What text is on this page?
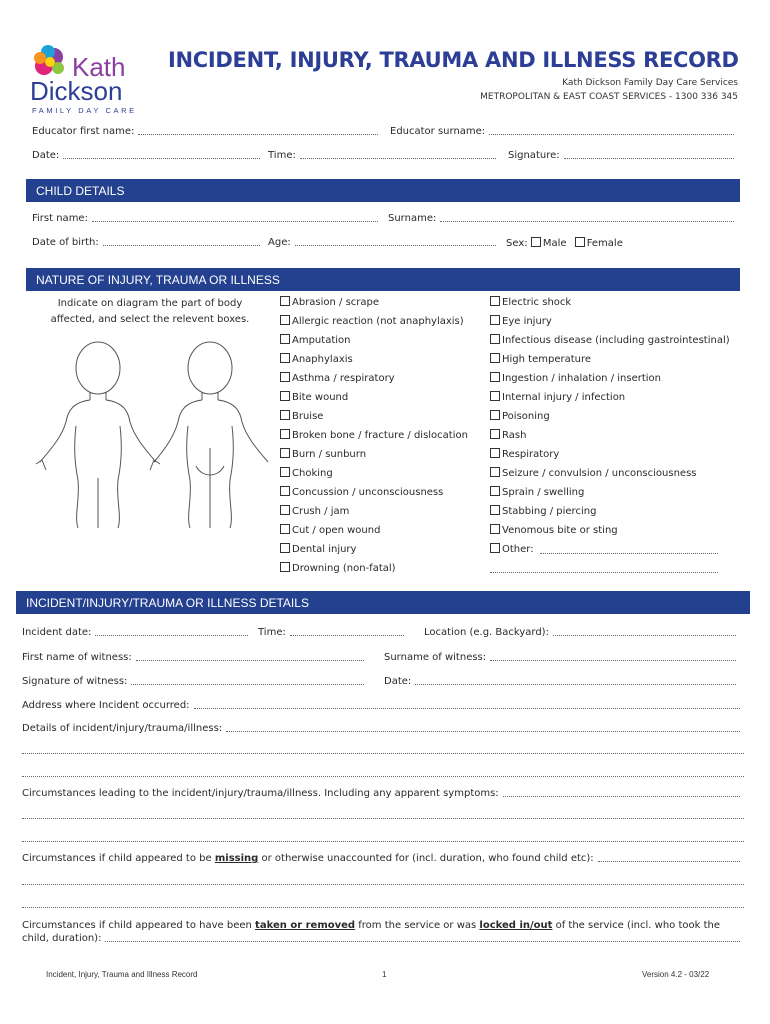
Kath
Dickson
FAMILY DAY CARE
INCIDENT, INJURY, TRAUMA AND ILLNESS RECORD
Kath Dickson Family Day Care Services
METROPOLITAN & EAST COAST SERVICES - 1300 336 345
Educator first name:	Educator surname:
Date:	Time:	Signature:
CHILD DETAILS
First name:	Surname:
Date of birth:	Age:	Sex: Male Female
NATURE OF INJURY, TRAUMA OR ILLNESS
Indicate on diagram the part of body
affected, and select the relevent boxes.
Abrasion / scrape
Allergic reaction (not anaphylaxis)
Amputation
Anaphylaxis
Asthma / respiratory
Bite wound
Bruise
Broken bone / fracture / dislocation
Burn / sunburn
Choking
Concussion / unconsciousness
Crush / jam
Cut / open wound
Dental injury
Drowning (non-fatal)
Electric shock
Eye injury
Infectious disease (including gastrointestinal)
High temperature
Ingestion / inhalation / insertion
Internal injury / infection
Poisoning
Rash
Respiratory
Seizure / convulsion / unconsciousness
Sprain / swelling
Stabbing / piercing
Venomous bite or sting
Other:
INCIDENT/INJURY/TRAUMA OR ILLNESS DETAILS
Incident date:	Time:	Location (e.g. Backyard):
First name of witness:	Surname of witness:
Signature of witness:	Date:
Address where Incident occurred:
Details of incident/injury/trauma/illness:
Circumstances leading to the incident/injury/trauma/illness. Including any apparent symptoms:
Circumstances if child appeared to be missing or otherwise unaccounted for (incl. duration, who found child etc):
Circumstances if child appeared to have been taken or removed from the service or was locked in/out of the service (incl. who took the
child, duration):
Incident, Injury, Trauma and Illness Record	1	Version 4.2 - 03/22
